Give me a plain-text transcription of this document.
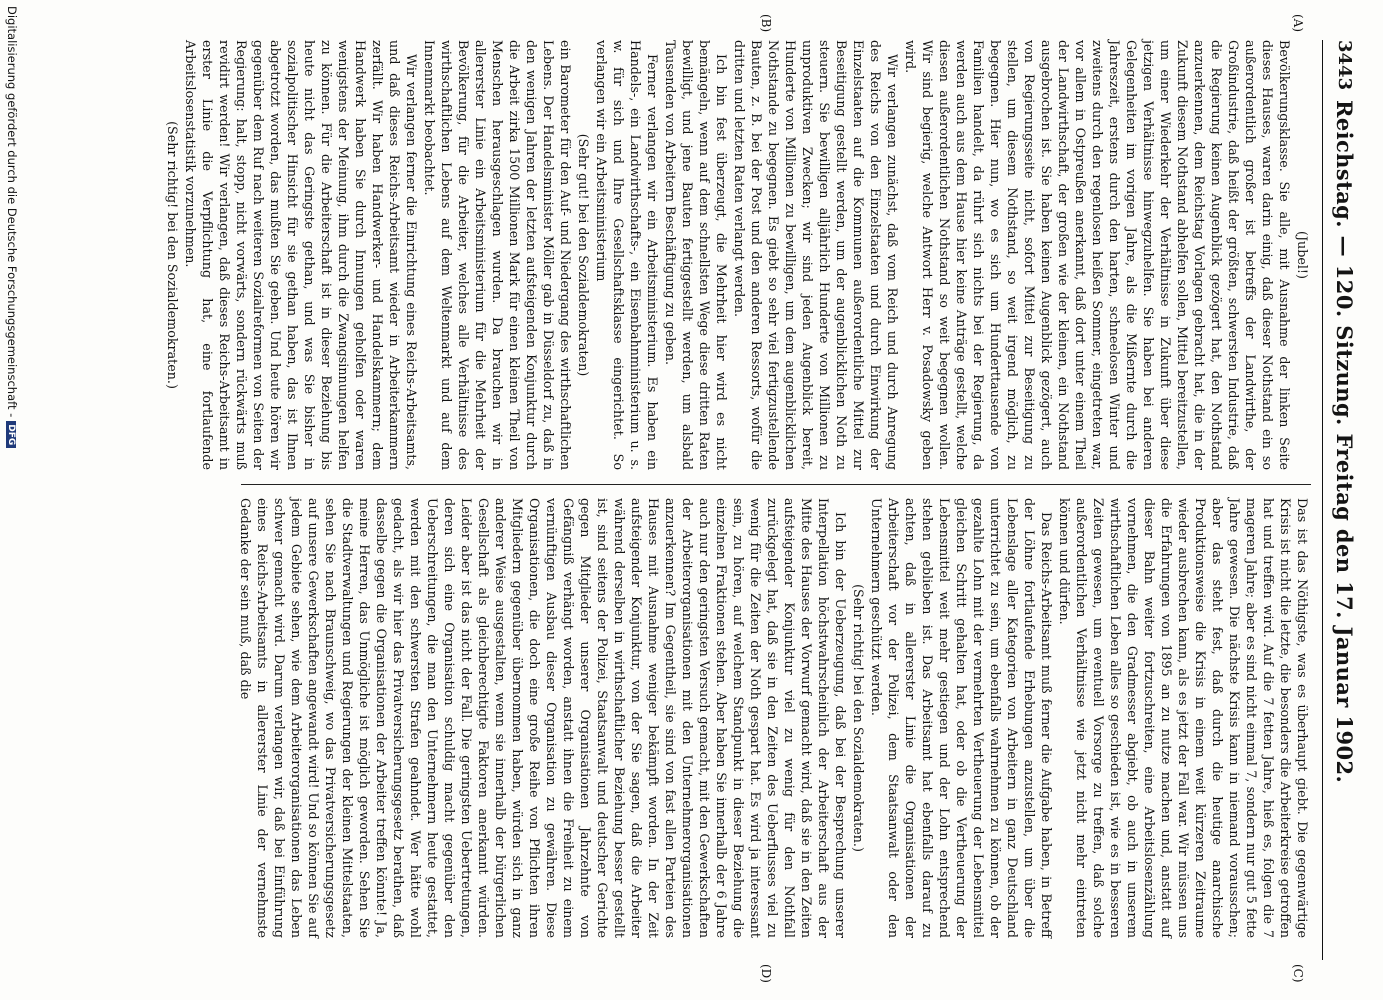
3443
Reichstag. — 120. Sitzung. Freitag den 17. Januar 1902.
(A)
(B)
(C)
(D)

(Jubel!)

Bevölkerungsklasse. Sie alle, mit Ausnahme der linken Seite dieses Hauses, waren darin einig, daß dieser Nothstand ein so außerordentlich großer ist betreffs der Landwirthe, der Großindustrie, daß heißt der größten, schwersten Industrie, daß die Regierung keinen Augenblick gezögert hat, den Nothstand anzuerkennen, dem Reichstag Vorlagen gebracht hat, die in der Zukunft diesem Nothstand abhelfen sollen, Mittel bereitzustellen, um einer Wiederkehr der Verhältnisse in Zukunft über diese jetzigen Verhältnisse hinwegzuhelfen. Sie haben bei anderen Gelegenheiten im vorigen Jahre, als die Mißernte durch die Jahreszeit, erstens durch den harten, schneelosen Winter und zweitens durch den regenlosen heißen Sommer, eingetreten war, vor allem in Ostpreußen anerkannt, daß dort unter einem Theil der Landwirthschaft, der großen wie der kleinen, ein Nothstand ausgebrochen ist. Sie haben keinen Augenblick gezögert, auch von Regierungsseite nicht, sofort Mittel zur Beseitigung zu stellen, um diesem Nothstand, so weit irgend möglich, zu begegnen. Hier nun, wo es sich um Hunderttausende von Familien handelt, da rührt sich nichts bei der Regierung, da werden auch aus dem Hause hier keine Anträge gestellt, welche diesen außerordentlichen Nothstand so weit begegnen wollen. Wir sind begierig, welche Antwort Herr v. Posadowsky geben wird.

Wir verlangen zunächst, daß vom Reich und durch Anregung des Reichs von den Einzelstaaten und durch Einwirkung der Einzelstaaten auf die Kommunen außerordentliche Mittel zur Beseitigung gestellt werden, um der augenblicklichen Noth zu steuern. Sie bewilligen alljährlich Hunderte von Millionen zu unproduktiven Zwecken; wir sind jeden Augenblick bereit, Hunderte von Millionen zu bewilligen, um dem augenblicklichen Nothstande zu begegnen. Es giebt so sehr viel fertigzustellende Bauten, z. B. bei der Post und den anderen Ressorts, wofür die dritten und letzten Raten verlangt werden.

Ich bin fest überzeugt, die Mehrheit hier wird es nicht bemängeln, wenn auf dem schnellsten Wege diese dritten Raten bewilligt, und jene Bauten fertiggestellt werden, um alsbald Tausenden von Arbeitern Beschäftigung zu geben.

Ferner verlangen wir ein Arbeitsministerium. Es haben ein Handels-, ein Landwirthschafts-, ein Eisenbahnministerium u. s. w. für sich und Ihre Gesellschaftsklasse eingerichtet. So verlangen wir ein Arbeitsministerium

(Sehr gut! bei den Sozialdemokraten)

ein Barometer für den Auf- und Niedergang des wirthschaftlichen Lebens. Der Handelsminister Möller gab in Düsseldorf zu, daß in den wenigen Jahren der letzten aufsteigenden Konjunktur durch die Arbeit zirka 1500 Millionen Mark für einen kleinen Theil von Menschen herausgeschlagen wurden. Da brauchen wir in allererster Linie ein Arbeitsministerium für die Mehrheit der Bevölkerung, für die Arbeiter, welches alle Verhältnisse des wirthschaftlichen Lebens auf dem Weltenmarkt und auf dem Innenmarkt beobachtet.

Wir verlangen ferner die Einrichtung eines Reichs-Arbeitsamts, und daß dieses Reichs-Arbeitsamt wieder in Arbeiterkammern zerfällt. Wir haben Handwerker- und Handelskammern; dem Handwerk haben Sie durch Innungen geholfen oder waren wenigstens der Meinung, ihm durch die Zwangsinnungen helfen zu können. Für die Arbeiterschaft ist in dieser Beziehung bis heute nicht das Geringste gethan, und was Sie bisher in sozialpolitischer Hinsicht für sie gethan haben, das ist Ihnen abgetrotzt worden, das mußten Sie geben. Und heute hören wir gegenüber dem Ruf nach weiteren Sozialreformen von Seiten der Regierung: halt, stopp, nicht vorwärts, sondern rückwärts muß revidirt werden! Wir verlangen, daß dieses Reichs-Arbeitsamt in erster Linie die Verpflichtung hat, eine fortlaufende Arbeitslosenstatistik vorzunehmen.

(Sehr richtig! bei den Sozialdemokraten.)

Das ist das Nöthigste, was es überhaupt giebt. Die gegenwärtige Krisis ist nicht die letzte, die besonders die Arbeiterkreise getroffen hat und treffen wird. Auf die 7 fetten Jahre, hieß es, folgen die 7 mageren Jahre; aber es sind nicht einmal 7, sondern nur gut 5 fette Jahre gewesen. Die nächste Krisis kann in niemand vorausschen; aber das steht fest, daß durch die heutige anarchische Produktionsweise die Krisis in einem weit kürzeren Zeitraume wieder ausbrechen kann, als es jetzt der Fall war. Wir müssen uns die Erfahrungen von 1895 an zu nutze machen und, anstatt auf dieser Bahn weiter fortzuschreiten, eine Arbeitslosenzählung vornehmen, die den Gradmesser abgiebt, ob auch in unserem wirthschaftlichen Leben alles so geschieden ist, wie es in besseren Zeiten gewesen, um eventuell Vorsorge zu treffen, daß solche außerordentlichen Verhältnisse wie jetzt nicht mehr eintreten können und dürfen.

Das Reichs-Arbeitsamt muß ferner die Aufgabe haben, in Betreff der Löhne fortlaufende Erhebungen anzustellen, um über die Lebenslage aller Kategorien von Arbeitern in ganz Deutschland unterrichtet zu sein, um ebenfalls wahrnehmen zu können, ob der gezahlte Lohn mit der vermehrten Vertheuerung der Lebensmittel gleichen Schritt gehalten hat, oder ob die Vertheuerung der Lebensmittel weit mehr gestiegen und der Lohn entsprechend stehen geblieben ist. Das Arbeitsamt hat ebenfalls darauf zu achten, daß in allererster Linie die Organisationen der Arbeiterschaft vor der Polizei, dem Staatsanwalt oder den Unternehmern geschützt werden.

(Sehr richtig! bei den Sozialdemokraten.)

Ich bin der Ueberzeugung, daß bei der Besprechung unserer Interpellation höchstwahrscheinlich der Arbeiterschaft aus der Mitte des Hauses der Vorwurf gemacht wird, daß sie in den Zeiten aufsteigender Konjunktur viel zu wenig für den Nothfall zurückgelegt hat, daß sie in den Zeiten des Ueberflusses viel zu wenig für die Zeiten der Noth gespart hat. Es wird ja interessant sein, zu hören, auf welchem Standpunkt in dieser Beziehung die einzelnen Fraktionen stehen. Aber haben Sie innerhalb der 6 Jahre auch nur den geringsten Versuch gemacht, mit den Gewerkschaften der Arbeiterorganisationen mit den Unternehmerorganisationen anzuerkennen? Im Gegentheil, sie sind von fast allen Parteien des Hauses mit Ausnahme weniger bekämpft worden. In der Zeit aufsteigender Konjunktur, von der Sie sagen, daß die Arbeiter während derselben in wirthschaftlicher Beziehung besser gestellt ist, sind seitens der Polizei, Staatsanwalt und deutscher Gerichte gegen Mitglieder unserer Organisationen Jahrzehnte von Gefängniß verhängt worden, anstatt ihnen die Freiheit zu einem vernünftigen Ausbau dieser Organisation zu gewähren. Diese Organisationen, die doch eine große Reihe von Pflichten ihren Mitgliedern gegenüber übernommen haben, würden sich in ganz anderer Weise ausgestalten, wenn sie innerhalb der bürgerlichen Gesellschaft als gleichberechtigte Faktoren anerkannt würden. Leider aber ist das nicht der Fall. Die geringsten Uebertretungen, deren sich eine Organisation schuldig macht gegenüber den Ueberschreitungen, die man den Unternehmern heute gestattet, werden mit den schwersten Strafen geahndet. Wer hätte wohl gedacht, als wir hier das Privatversicherungsgesetz berathen, daß dasselbe gegen die Organisationen der Arbeiter treffen könnte! Ja, meine Herren, das Unmögliche ist möglich geworden. Sehen Sie die Stadtverwaltungen und Regierungen der kleinen Mittelstaaten, sehen Sie nach Braunschweig, wo das Privatversicherungsgesetz auf unsere Gewerkschaften angewandt wird! Und so können Sie auf jedem Gebiete sehen, wie dem Arbeiterorganisationen das Leben schwer gemacht wird. Darum verlangen wir, daß bei Einführung eines Reichs-Arbeitsamts in allererster Linie der vernehmste Gedanke der sein muß, daß die

Digitalisierung gefördert durch die Deutsche Forschungsgemeinschaft -DFG
